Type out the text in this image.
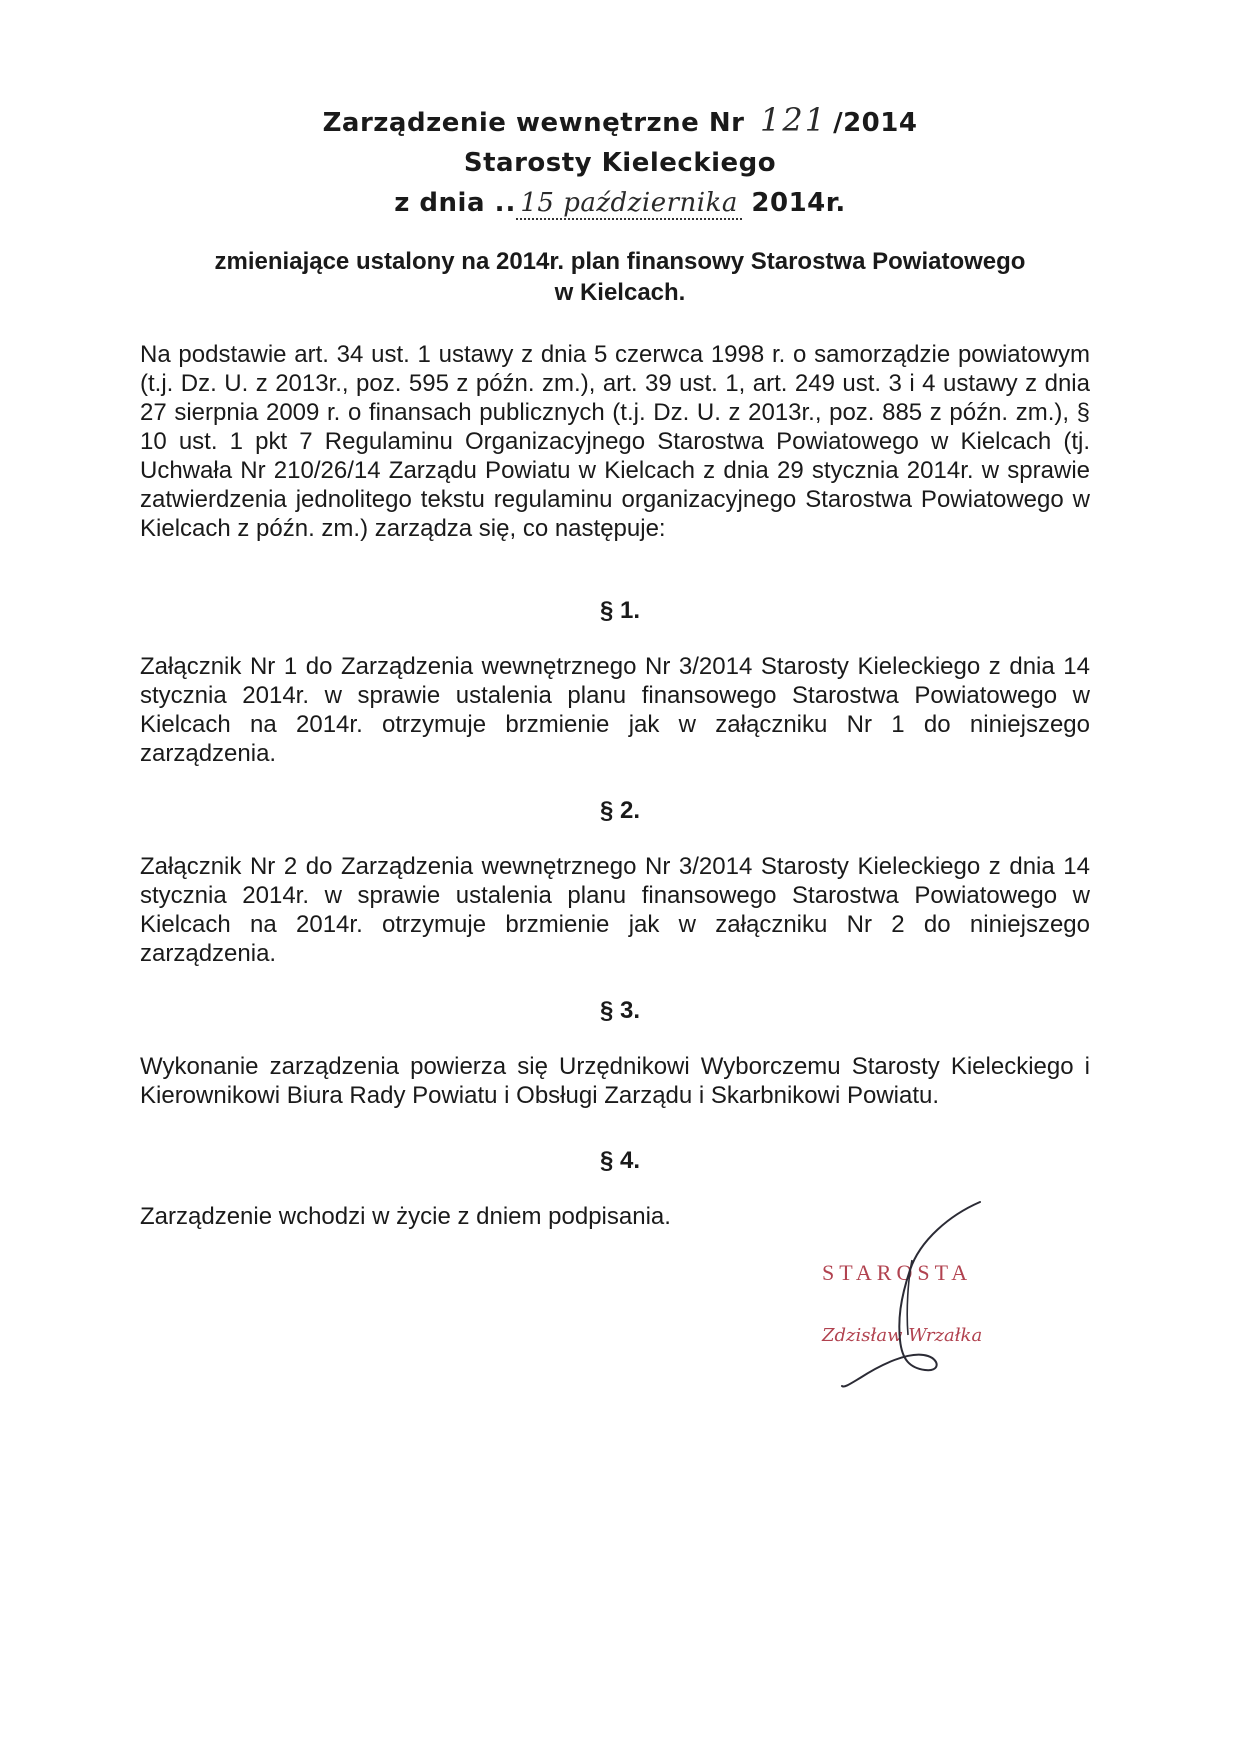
Zarządzenie wewnętrzne Nr 121 /2014
Starosty Kieleckiego
z dnia .. 15 października 2014r.
zmieniające ustalony na 2014r. plan finansowy Starostwa Powiatowego
w Kielcach.
Na podstawie art. 34 ust. 1 ustawy z dnia 5 czerwca 1998 r. o samorządzie powiatowym (t.j. Dz. U. z 2013r., poz. 595 z późn. zm.), art. 39 ust. 1, art. 249 ust. 3 i 4 ustawy z dnia 27 sierpnia 2009 r. o finansach publicznych (t.j. Dz. U. z 2013r., poz. 885 z późn. zm.), § 10 ust. 1 pkt 7 Regulaminu Organizacyjnego Starostwa Powiatowego w Kielcach (tj. Uchwała Nr 210/26/14 Zarządu Powiatu w Kielcach z dnia 29 stycznia 2014r. w sprawie zatwierdzenia jednolitego tekstu regulaminu organizacyjnego Starostwa Powiatowego w Kielcach z późn. zm.) zarządza się, co następuje:
§ 1.
Załącznik Nr 1 do Zarządzenia wewnętrznego Nr 3/2014 Starosty Kieleckiego z dnia 14 stycznia 2014r. w sprawie ustalenia planu finansowego Starostwa Powiatowego w Kielcach na 2014r. otrzymuje brzmienie jak w załączniku Nr 1 do niniejszego zarządzenia.
§ 2.
Załącznik Nr 2 do Zarządzenia wewnętrznego Nr 3/2014 Starosty Kieleckiego z dnia 14 stycznia 2014r. w sprawie ustalenia planu finansowego Starostwa Powiatowego w Kielcach na 2014r. otrzymuje brzmienie jak w załączniku Nr 2 do niniejszego zarządzenia.
§ 3.
Wykonanie zarządzenia powierza się Urzędnikowi Wyborczemu Starosty Kieleckiego i Kierownikowi Biura Rady Powiatu i Obsługi Zarządu i Skarbnikowi Powiatu.
§ 4.
Zarządzenie wchodzi w życie z dniem podpisania.
STAROSTA
Zdzisław Wrzałka
